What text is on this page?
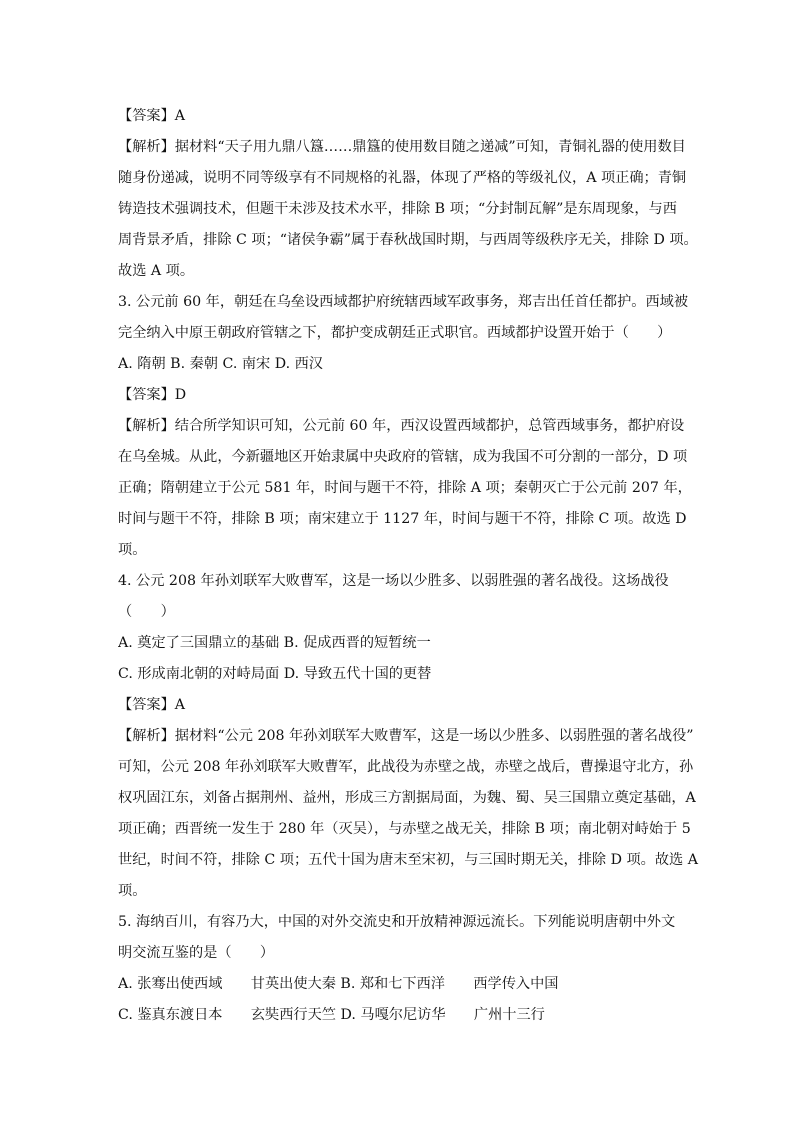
【答案】A
【解析】据材料“天子用九鼎八簋……鼎簋的使用数目随之递减”可知，青铜礼器的使用数目
随身份递减，说明不同等级享有不同规格的礼器，体现了严格的等级礼仪，A 项正确；青铜
铸造技术强调技术，但题干未涉及技术水平，排除 B 项；“分封制瓦解”是东周现象，与西
周背景矛盾，排除 C 项；“诸侯争霸”属于春秋战国时期，与西周等级秩序无关，排除 D 项。
故选 A 项。
3. 公元前 60 年，朝廷在乌垒设西域都护府统辖西域军政事务，郑吉出任首任都护。西域被
完全纳入中原王朝政府管辖之下，都护变成朝廷正式职官。西域都护设置开始于（　　）
A. 隋朝 B. 秦朝 C. 南宋 D. 西汉
【答案】D
【解析】结合所学知识可知，公元前 60 年，西汉设置西域都护，总管西域事务，都护府设
在乌垒城。从此，今新疆地区开始隶属中央政府的管辖，成为我国不可分割的一部分，D 项
正确；隋朝建立于公元 581 年，时间与题干不符，排除 A 项；秦朝灭亡于公元前 207 年，
时间与题干不符，排除 B 项；南宋建立于 1127 年，时间与题干不符，排除 C 项。故选 D
项。
4. 公元 208 年孙刘联军大败曹军，这是一场以少胜多、以弱胜强的著名战役。这场战役
（　　）
A. 奠定了三国鼎立的基础 B. 促成西晋的短暂统一
C. 形成南北朝的对峙局面 D. 导致五代十国的更替
【答案】A
【解析】据材料“公元 208 年孙刘联军大败曹军，这是一场以少胜多、以弱胜强的著名战役”
可知，公元 208 年孙刘联军大败曹军，此战役为赤壁之战，赤壁之战后，曹操退守北方，孙
权巩固江东，刘备占据荆州、益州，形成三方割据局面，为魏、蜀、吴三国鼎立奠定基础，A
项正确；西晋统一发生于 280 年（灭吴），与赤壁之战无关，排除 B 项；南北朝对峙始于 5
世纪，时间不符，排除 C 项；五代十国为唐末至宋初，与三国时期无关，排除 D 项。故选 A
项。
5. 海纳百川，有容乃大，中国的对外交流史和开放精神源远流长。下列能说明唐朝中外文
明交流互鉴的是（　　）
A. 张骞出使西域　　甘英出使大秦 B. 郑和七下西洋　　西学传入中国
C. 鉴真东渡日本　　玄奘西行天竺 D. 马嘎尔尼访华　　广州十三行
